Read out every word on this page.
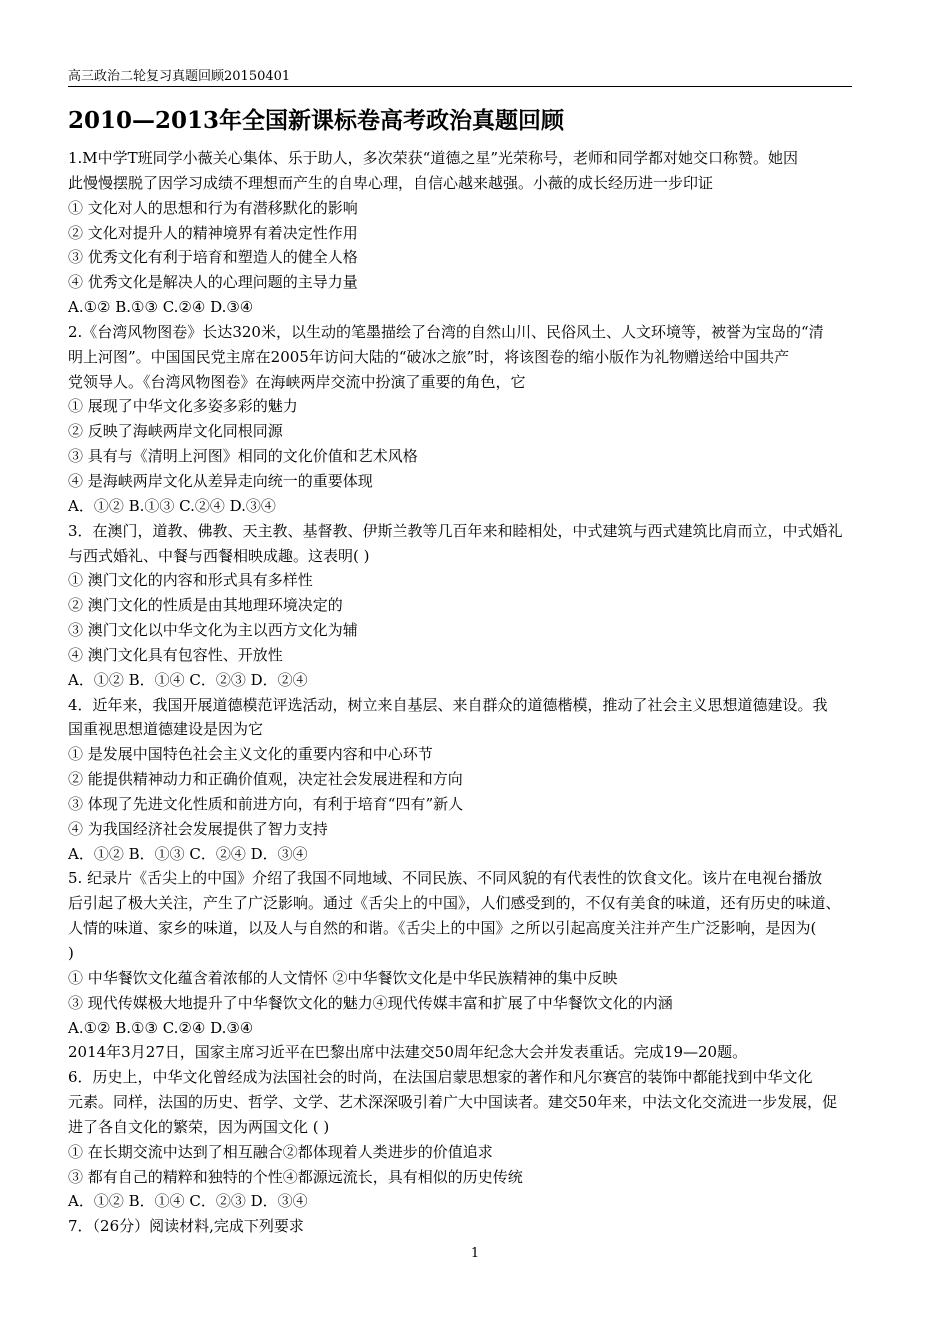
高三政治二轮复习真题回顾20150401
2010—2013年全国新课标卷高考政治真题回顾
1.M中学T班同学小薇关心集体、乐于助人，多次荣获“道德之星”光荣称号，老师和同学都对她交口称赞。她因
此慢慢摆脱了因学习成绩不理想而产生的自卑心理，自信心越来越强。小薇的成长经历进一步印证
① 文化对人的思想和行为有潜移默化的影响
② 文化对提升人的精神境界有着决定性作用
③ 优秀文化有利于培育和塑造人的健全人格
④ 优秀文化是解决人的心理问题的主导力量
A.①② B.①③ C.②④ D.③④
2.《台湾风物图卷》长达320米，以生动的笔墨描绘了台湾的自然山川、民俗风土、人文环境等，被誉为宝岛的“清
明上河图”。中国国民党主席在2005年访问大陆的“破冰之旅”时，将该图卷的缩小版作为礼物赠送给中国共产
党领导人。《台湾风物图卷》在海峡两岸交流中扮演了重要的角色，它
① 展现了中华文化多姿多彩的魅力
② 反映了海峡两岸文化同根同源
③ 具有与《清明上河图》相同的文化价值和艺术风格
④ 是海峡两岸文化从差异走向统一的重要体现
A．①② B.①③ C.②④ D.③④
3．在澳门，道教、佛教、天主教、基督教、伊斯兰教等几百年来和睦相处，中式建筑与西式建筑比肩而立，中式婚礼
与西式婚礼、中餐与西餐相映成趣。这表明( )
① 澳门文化的内容和形式具有多样性
② 澳门文化的性质是由其地理环境决定的
③ 澳门文化以中华文化为主以西方文化为辅
④ 澳门文化具有包容性、开放性
A．①② B．①④ C．②③ D．②④
4．近年来，我国开展道德模范评选活动，树立来自基层、来自群众的道德楷模，推动了社会主义思想道德建设。我
国重视思想道德建设是因为它
① 是发展中国特色社会主义文化的重要内容和中心环节
② 能提供精神动力和正确价值观，决定社会发展进程和方向
③ 体现了先进文化性质和前进方向，有利于培育“四有”新人
④ 为我国经济社会发展提供了智力支持
A．①② B．①③ C．②④ D．③④
5. 纪录片《舌尖上的中国》介绍了我国不同地域、不同民族、不同风貌的有代表性的饮食文化。该片在电视台播放
后引起了极大关注，产生了广泛影响。通过《舌尖上的中国》，人们感受到的，不仅有美食的味道，还有历史的味道、
人情的味道、家乡的味道，以及人与自然的和谐。《舌尖上的中国》之所以引起高度关注并产生广泛影响，是因为(
)
① 中华餐饮文化蕴含着浓郁的人文情怀 ②中华餐饮文化是中华民族精神的集中反映
③ 现代传媒极大地提升了中华餐饮文化的魅力④现代传媒丰富和扩展了中华餐饮文化的内涵
A.①② B.①③ C.②④ D.③④
2014年3月27日，国家主席习近平在巴黎出席中法建交50周年纪念大会并发表重话。完成19—20题。
6．历史上，中华文化曾经成为法国社会的时尚，在法国启蒙思想家的著作和凡尔赛宫的装饰中都能找到中华文化
元素。同样，法国的历史、哲学、文学、艺术深深吸引着广大中国读者。建交50年来，中法文化交流进一步发展，促
进了各自文化的繁荣，因为两国文化 ( )
① 在长期交流中达到了相互融合②都体现着人类进步的价值追求
③ 都有自己的精粹和独特的个性④都源远流长，具有相似的历史传统
A．①② B．①④ C．②③ D．③④
7．（26分）阅读材料,完成下列要求
1
